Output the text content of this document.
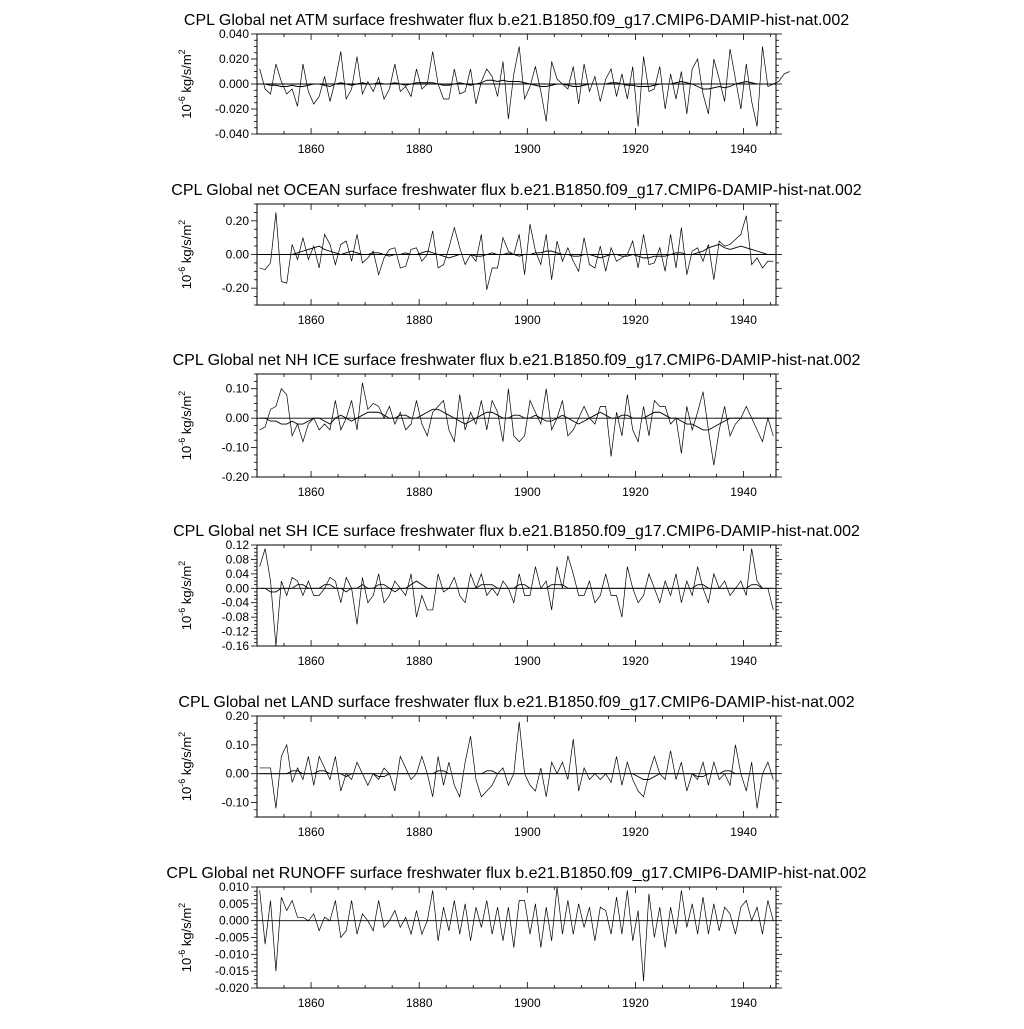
CPL Global net ATM surface freshwater flux b.e21.B1850.f09_g17.CMIP6-DAMIP-hist-nat.002
1860	1880	1900	1920	1940
-0.040
-0.020
0.000
0.020
0.040
$10^{-6}$ $kg/s/m^2$
CPL Global net OCEAN surface freshwater flux b.e21.B1850.f09_g17.CMIP6-DAMIP-hist-nat.002
1860	1880	1900	1920	1940
-0.20
0.00
0.20
$10^{-6}$ $kg/s/m^2$
CPL Global net NH ICE surface freshwater flux b.e21.B1850.f09_g17.CMIP6-DAMIP-hist-nat.002
1860	1880	1900	1920	1940
-0.20
-0.10
0.00
0.10
$10^{-6}$ $kg/s/m^2$
CPL Global net SH ICE surface freshwater flux b.e21.B1850.f09_g17.CMIP6-DAMIP-hist-nat.002
1860	1880	1900	1920	1940
-0.16
-0.12
-0.08
-0.04
0.00
0.04
0.08
0.12
$10^{-6}$ $kg/s/m^2$
CPL Global net LAND surface freshwater flux b.e21.B1850.f09_g17.CMIP6-DAMIP-hist-nat.002
1860	1880	1900	1920	1940
-0.10
0.00
0.10
0.20
$10^{-6}$ $kg/s/m^2$
CPL Global net RUNOFF surface freshwater flux b.e21.B1850.f09_g17.CMIP6-DAMIP-hist-nat.002
1860	1880	1900	1920	1940
-0.020
-0.015
-0.010
-0.005
0.000
0.005
0.010
$10^{-6}$ $kg/s/m^2$
